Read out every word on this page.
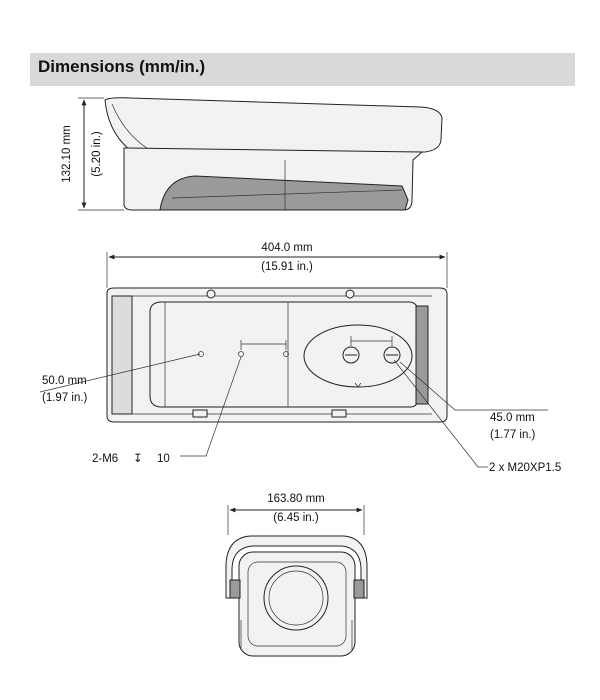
Dimensions (mm/in.)
132.10 mm (5.20 in.)
404.0 mm
(15.91 in.)
50.0 mm
(1.97 in.)
2-M6 ↧ 10
45.0 mm
(1.77 in.)
2 x M20XP1.5
163.80 mm
(6.45 in.)
